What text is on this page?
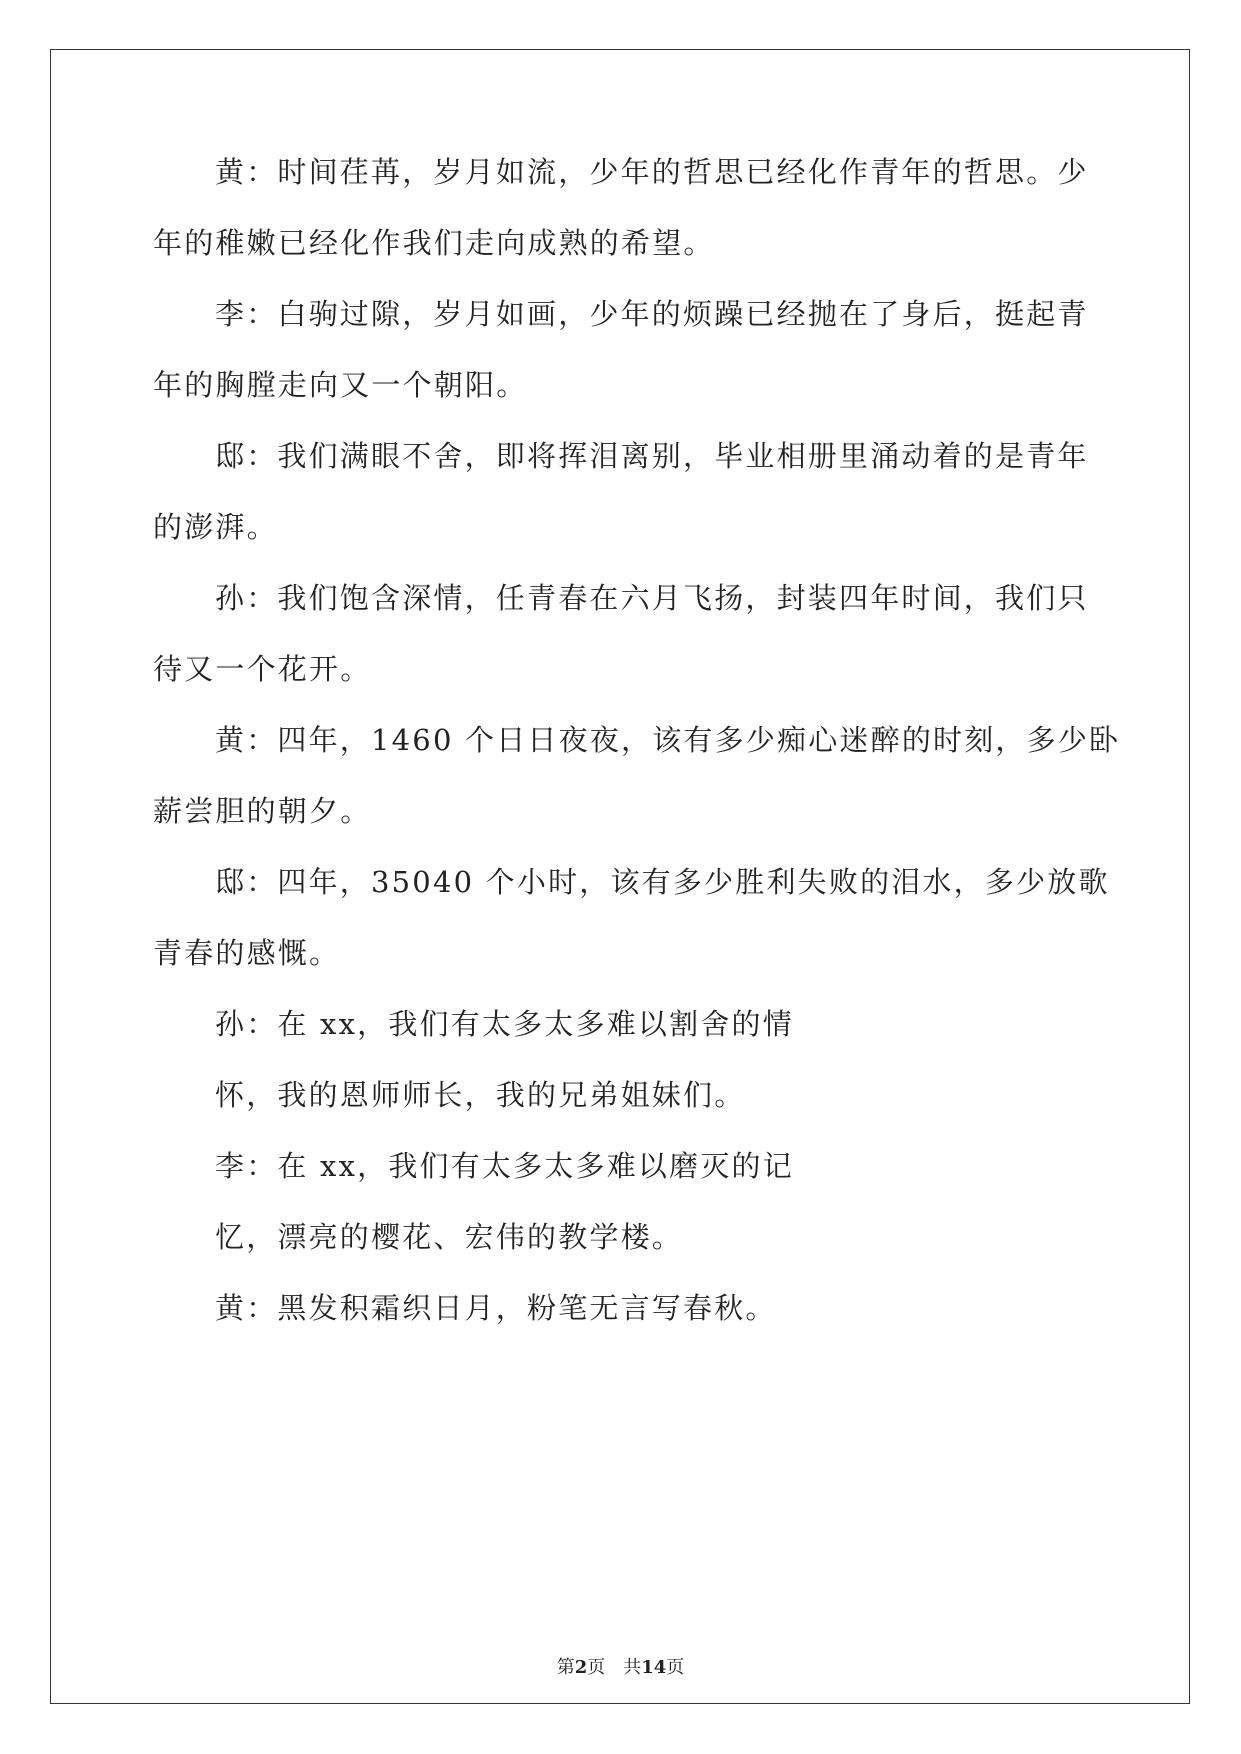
黄：时间荏苒，岁月如流，少年的哲思已经化作青年的哲思。少
年的稚嫩已经化作我们走向成熟的希望。
李：白驹过隙，岁月如画，少年的烦躁已经抛在了身后，挺起青
年的胸膛走向又一个朝阳。
邸：我们满眼不舍，即将挥泪离别，毕业相册里涌动着的是青年
的澎湃。
孙：我们饱含深情，任青春在六月飞扬，封装四年时间，我们只
待又一个花开。
黄：四年，1460 个日日夜夜，该有多少痴心迷醉的时刻，多少卧
薪尝胆的朝夕。
邸：四年，35040 个小时，该有多少胜利失败的泪水，多少放歌
青春的感慨。
孙：在 xx，我们有太多太多难以割舍的情
怀，我的恩师师长，我的兄弟姐妹们。
李：在 xx，我们有太多太多难以磨灭的记
忆，漂亮的樱花、宏伟的教学楼。
黄：黑发积霜织日月，粉笔无言写春秋。
第2页 共14页
